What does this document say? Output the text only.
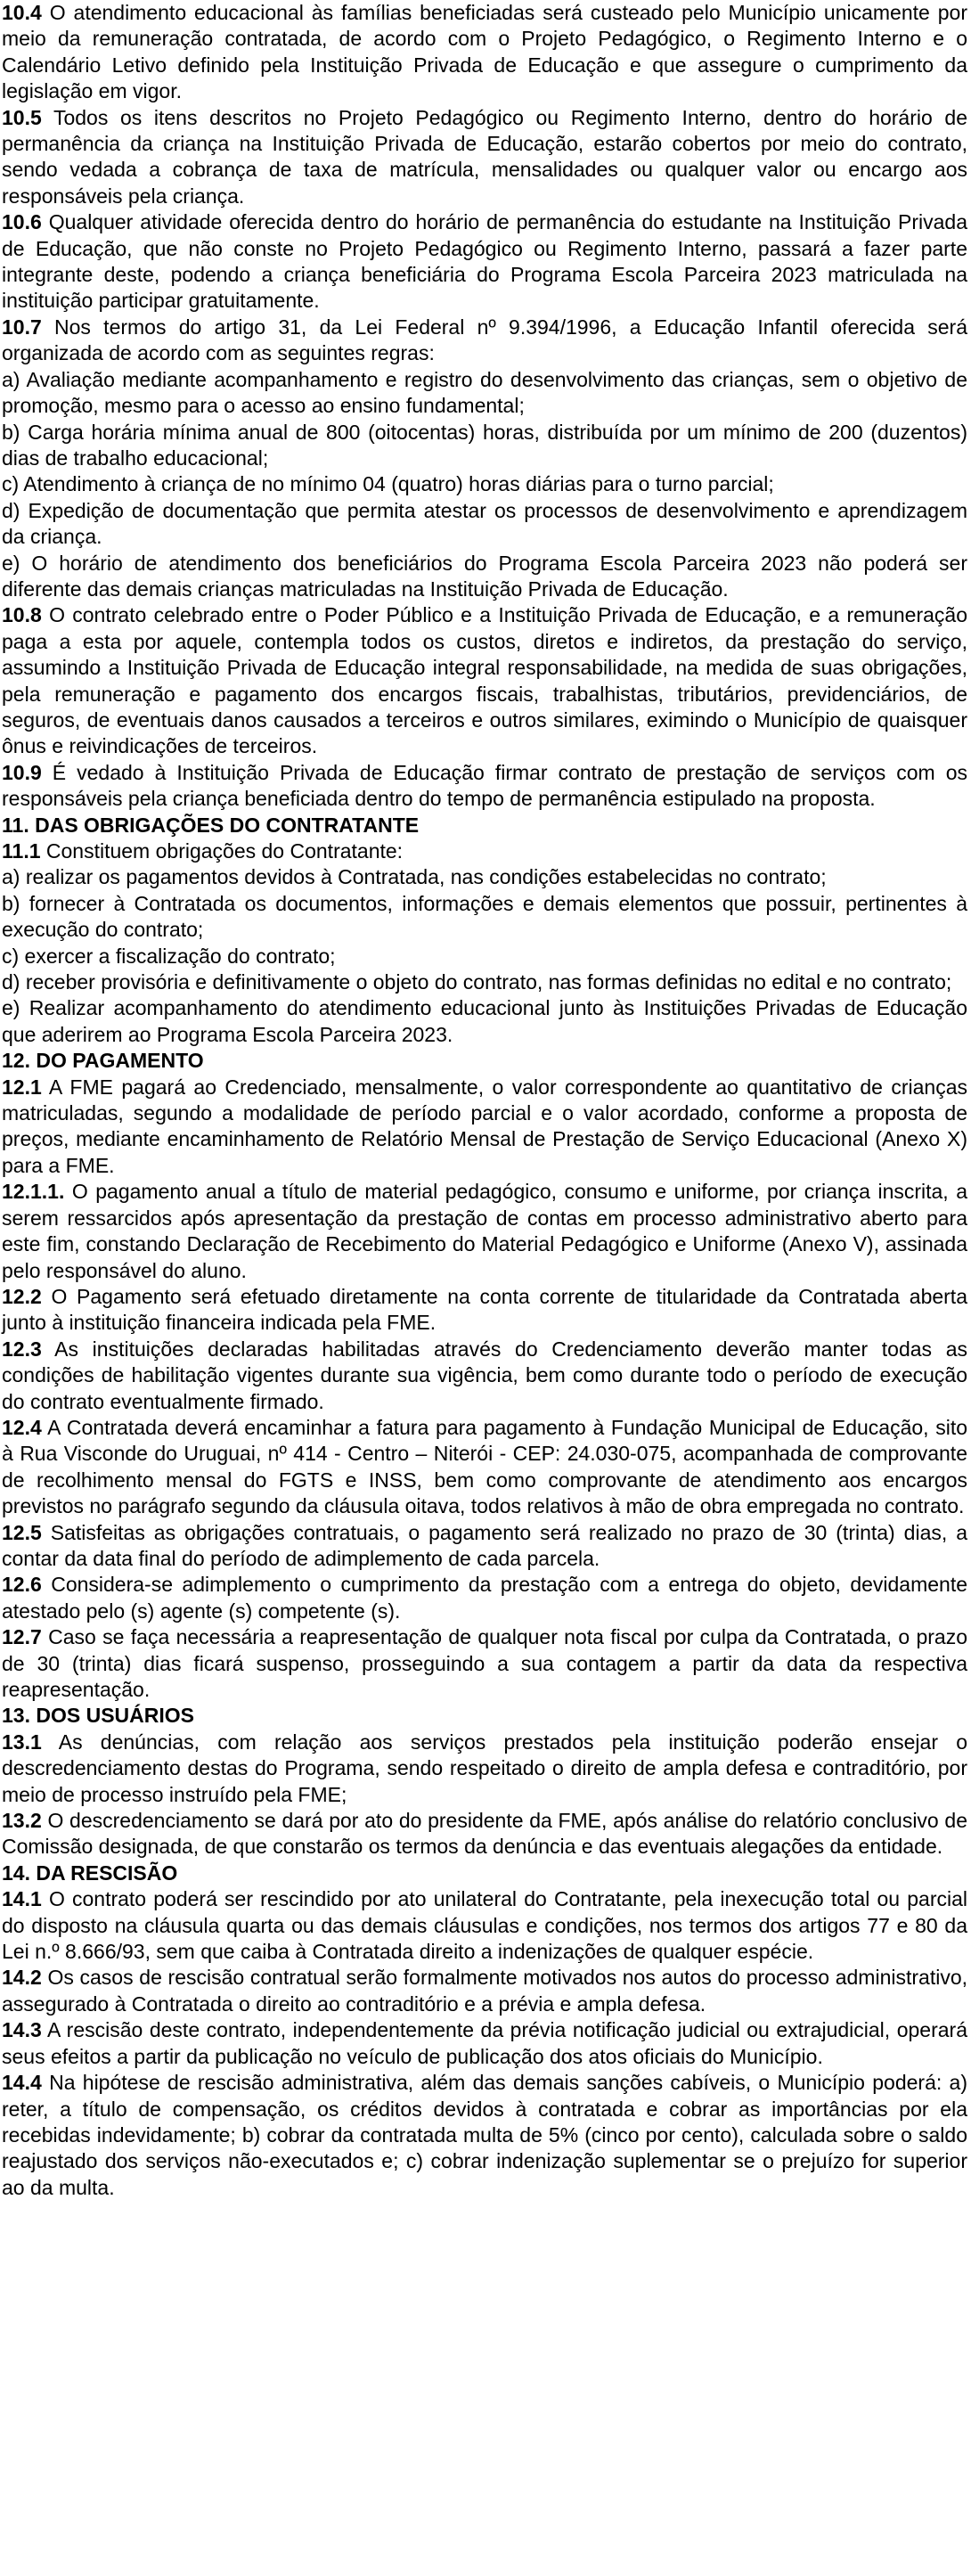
10.4 O atendimento educacional às famílias beneficiadas será custeado pelo Município unicamente por meio da remuneração contratada, de acordo com o Projeto Pedagógico, o Regimento Interno e o Calendário Letivo definido pela Instituição Privada de Educação e que assegure o cumprimento da legislação em vigor.
10.5 Todos os itens descritos no Projeto Pedagógico ou Regimento Interno, dentro do horário de permanência da criança na Instituição Privada de Educação, estarão cobertos por meio do contrato, sendo vedada a cobrança de taxa de matrícula, mensalidades ou qualquer valor ou encargo aos responsáveis pela criança.
10.6 Qualquer atividade oferecida dentro do horário de permanência do estudante na Instituição Privada de Educação, que não conste no Projeto Pedagógico ou Regimento Interno, passará a fazer parte integrante deste, podendo a criança beneficiária do Programa Escola Parceira 2023 matriculada na instituição participar gratuitamente.
10.7 Nos termos do artigo 31, da Lei Federal nº 9.394/1996, a Educação Infantil oferecida será organizada de acordo com as seguintes regras:
a) Avaliação mediante acompanhamento e registro do desenvolvimento das crianças, sem o objetivo de promoção, mesmo para o acesso ao ensino fundamental;
b) Carga horária mínima anual de 800 (oitocentas) horas, distribuída por um mínimo de 200 (duzentos) dias de trabalho educacional;
c) Atendimento à criança de no mínimo 04 (quatro) horas diárias para o turno parcial;
d) Expedição de documentação que permita atestar os processos de desenvolvimento e aprendizagem da criança.
e) O horário de atendimento dos beneficiários do Programa Escola Parceira 2023 não poderá ser diferente das demais crianças matriculadas na Instituição Privada de Educação.
10.8 O contrato celebrado entre o Poder Público e a Instituição Privada de Educação, e a remuneração paga a esta por aquele, contempla todos os custos, diretos e indiretos, da prestação do serviço, assumindo a Instituição Privada de Educação integral responsabilidade, na medida de suas obrigações, pela remuneração e pagamento dos encargos fiscais, trabalhistas, tributários, previdenciários, de seguros, de eventuais danos causados a terceiros e outros similares, eximindo o Município de quaisquer ônus e reivindicações de terceiros.
10.9 É vedado à Instituição Privada de Educação firmar contrato de prestação de serviços com os responsáveis pela criança beneficiada dentro do tempo de permanência estipulado na proposta.
11. DAS OBRIGAÇÕES DO CONTRATANTE
11.1 Constituem obrigações do Contratante:
a) realizar os pagamentos devidos à Contratada, nas condições estabelecidas no contrato;
b) fornecer à Contratada os documentos, informações e demais elementos que possuir, pertinentes à execução do contrato;
c) exercer a fiscalização do contrato;
d) receber provisória e definitivamente o objeto do contrato, nas formas definidas no edital e no contrato;
e) Realizar acompanhamento do atendimento educacional junto às Instituições Privadas de Educação que aderirem ao Programa Escola Parceira 2023.
12. DO PAGAMENTO
12.1 A FME pagará ao Credenciado, mensalmente, o valor correspondente ao quantitativo de crianças matriculadas, segundo a modalidade de período parcial e o valor acordado, conforme a proposta de preços, mediante encaminhamento de Relatório Mensal de Prestação de Serviço Educacional (Anexo X) para a FME.
12.1.1. O pagamento anual a título de material pedagógico, consumo e uniforme, por criança inscrita, a serem ressarcidos após apresentação da prestação de contas em processo administrativo aberto para este fim, constando Declaração de Recebimento do Material Pedagógico e Uniforme (Anexo V), assinada pelo responsável do aluno.
12.2 O Pagamento será efetuado diretamente na conta corrente de titularidade da Contratada aberta junto à instituição financeira indicada pela FME.
12.3 As instituições declaradas habilitadas através do Credenciamento deverão manter todas as condições de habilitação vigentes durante sua vigência, bem como durante todo o período de execução do contrato eventualmente firmado.
12.4 A Contratada deverá encaminhar a fatura para pagamento à Fundação Municipal de Educação, sito à Rua Visconde do Uruguai, nº 414 - Centro – Niterói - CEP: 24.030-075, acompanhada de comprovante de recolhimento mensal do FGTS e INSS, bem como comprovante de atendimento aos encargos previstos no parágrafo segundo da cláusula oitava, todos relativos à mão de obra empregada no contrato.
12.5 Satisfeitas as obrigações contratuais, o pagamento será realizado no prazo de 30 (trinta) dias, a contar da data final do período de adimplemento de cada parcela.
12.6 Considera-se adimplemento o cumprimento da prestação com a entrega do objeto, devidamente atestado pelo (s) agente (s) competente (s).
12.7 Caso se faça necessária a reapresentação de qualquer nota fiscal por culpa da Contratada, o prazo de 30 (trinta) dias ficará suspenso, prosseguindo a sua contagem a partir da data da respectiva reapresentação.
13. DOS USUÁRIOS
13.1 As denúncias, com relação aos serviços prestados pela instituição poderão ensejar o descredenciamento destas do Programa, sendo respeitado o direito de ampla defesa e contraditório, por meio de processo instruído pela FME;
13.2 O descredenciamento se dará por ato do presidente da FME, após análise do relatório conclusivo de Comissão designada, de que constarão os termos da denúncia e das eventuais alegações da entidade.
14. DA RESCISÃO
14.1 O contrato poderá ser rescindido por ato unilateral do Contratante, pela inexecução total ou parcial do disposto na cláusula quarta ou das demais cláusulas e condições, nos termos dos artigos 77 e 80 da Lei n.º 8.666/93, sem que caiba à Contratada direito a indenizações de qualquer espécie.
14.2 Os casos de rescisão contratual serão formalmente motivados nos autos do processo administrativo, assegurado à Contratada o direito ao contraditório e a prévia e ampla defesa.
14.3 A rescisão deste contrato, independentemente da prévia notificação judicial ou extrajudicial, operará seus efeitos a partir da publicação no veículo de publicação dos atos oficiais do Município.
14.4 Na hipótese de rescisão administrativa, além das demais sanções cabíveis, o Município poderá: a) reter, a título de compensação, os créditos devidos à contratada e cobrar as importâncias por ela recebidas indevidamente; b) cobrar da contratada multa de 5% (cinco por cento), calculada sobre o saldo reajustado dos serviços não-executados e; c) cobrar indenização suplementar se o prejuízo for superior ao da multa.
